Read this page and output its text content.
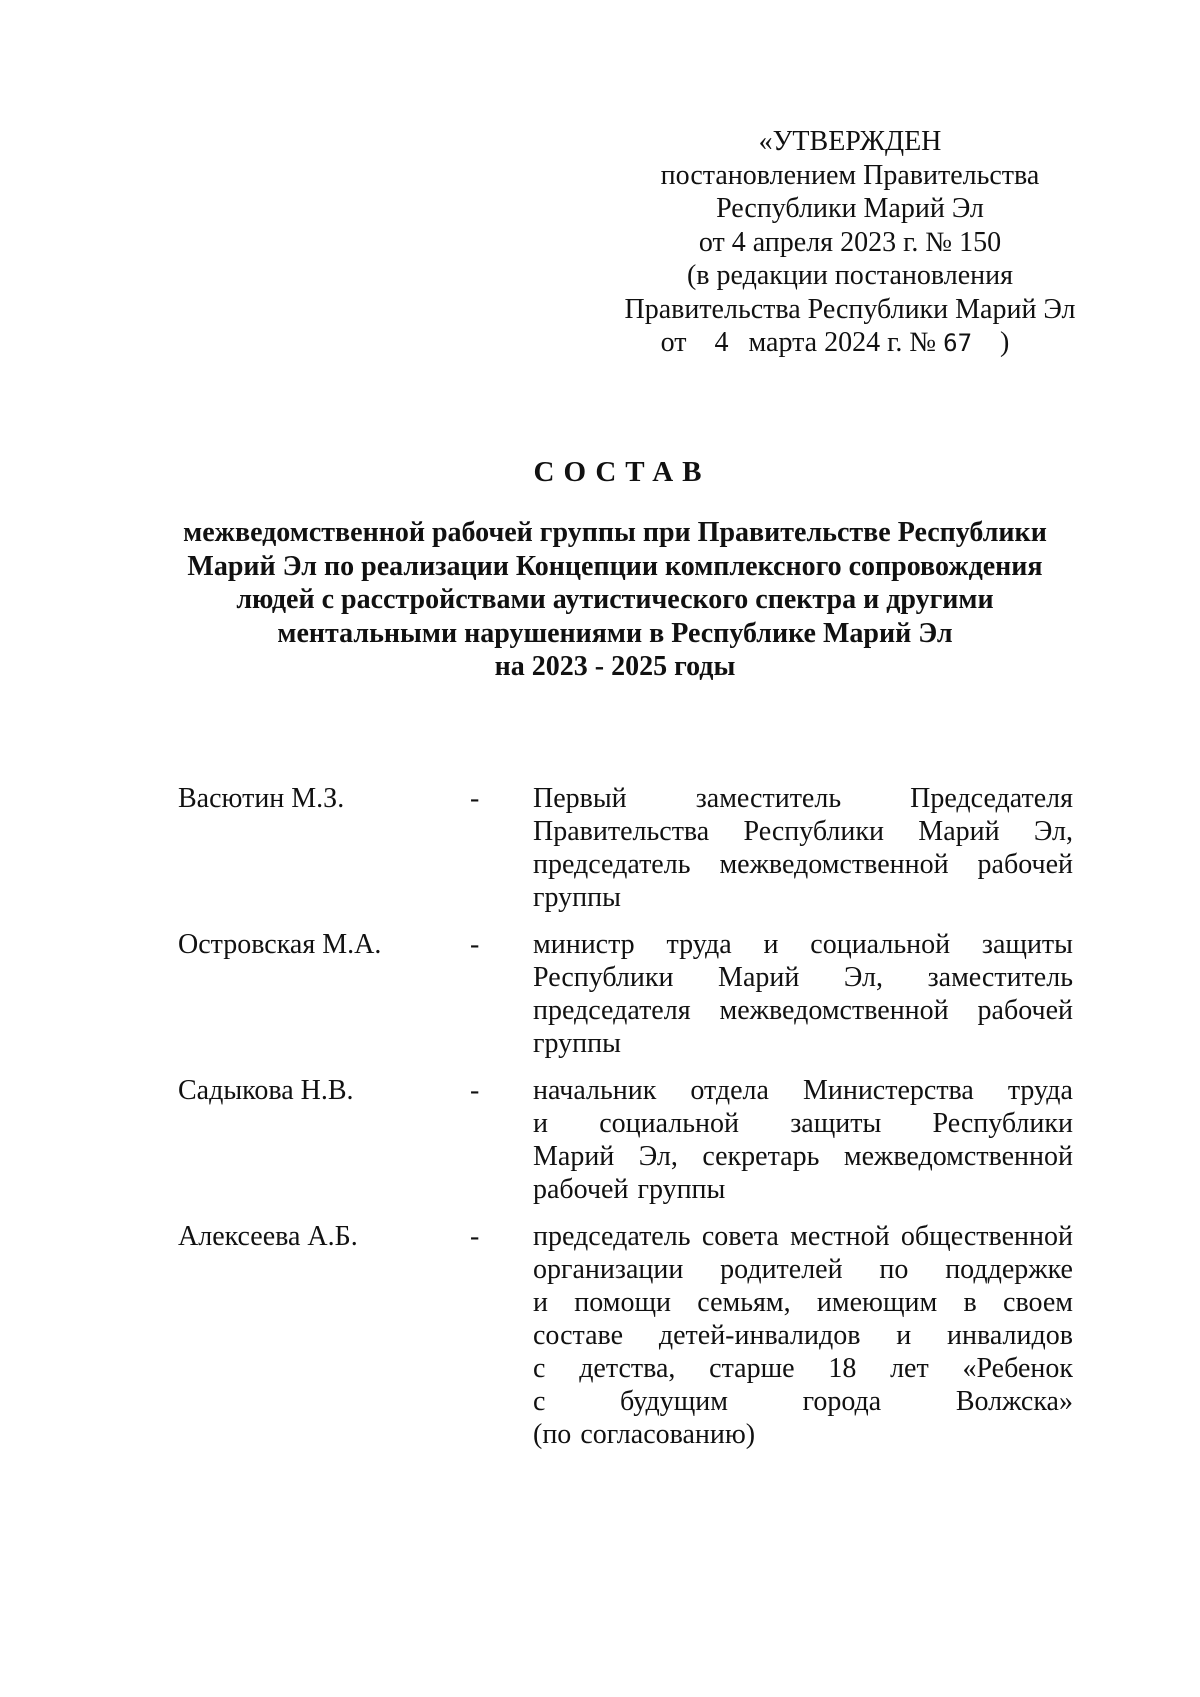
«УТВЕРЖДЕН
постановлением Правительства
Республики Марий Эл
от 4 апреля 2023 г. № 150
(в редакции постановления
Правительства Республики Марий Эл
от 4 марта 2024 г. № 67 )
СОСТАВ
межведомственной рабочей группы при Правительстве Республики
Марий Эл по реализации Концепции комплексного сопровождения
людей с расстройствами аутистического спектра и другими
ментальными нарушениями в Республике Марий Эл
на 2023 - 2025 годы
Васютин М.З.	- Первый заместитель Председателя
Правительства Республики Марий Эл,
председатель межведомственной рабочей
группы
Островская М.А.	- министр труда и социальной защиты
Республики Марий Эл, заместитель
председателя межведомственной рабочей
группы
Садыкова Н.В.	- начальник отдела Министерства труда
и социальной защиты Республики
Марий Эл, секретарь межведомственной
рабочей группы
Алексеева А.Б.	- председатель совета местной общественной
организации родителей по поддержке
и помощи семьям, имеющим в своем
составе детей-инвалидов и инвалидов
с детства, старше 18 лет «Ребенок
с	будущим	города	Волжска»
(по согласованию)
